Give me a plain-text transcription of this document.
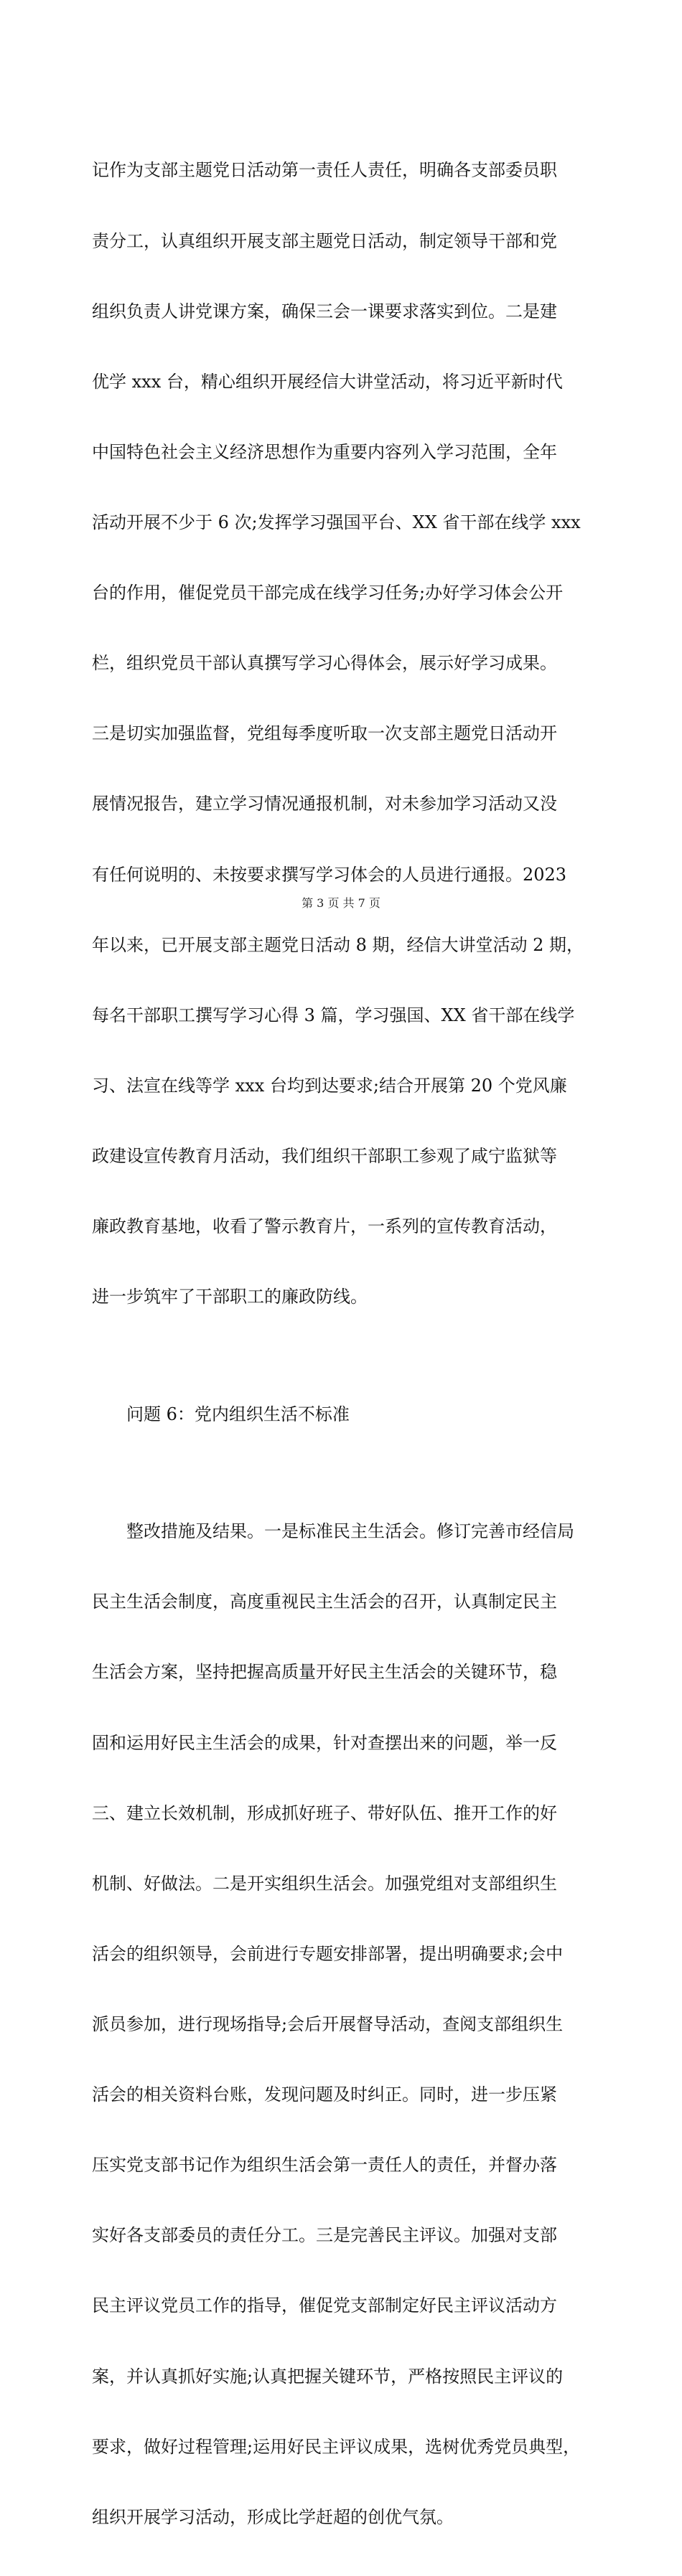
记作为支部主题党日活动第一责任人责任，明确各支部委员职

责分工，认真组织开展支部主题党日活动，制定领导干部和党

组织负责人讲党课方案，确保三会一课要求落实到位。二是建

优学 xxx 台，精心组织开展经信大讲堂活动，将习近平新时代

中国特色社会主义经济思想作为重要内容列入学习范围，全年

活动开展不少于 6 次;发挥学习强国平台、XX 省干部在线学 xxx

台的作用，催促党员干部完成在线学习任务;办好学习体会公开

栏，组织党员干部认真撰写学习心得体会，展示好学习成果。

三是切实加强监督，党组每季度听取一次支部主题党日活动开

展情况报告，建立学习情况通报机制，对未参加学习活动又没

有任何说明的、未按要求撰写学习体会的人员进行通报。2023

年以来，已开展支部主题党日活动 8 期，经信大讲堂活动 2 期，

每名干部职工撰写学习心得 3 篇，学习强国、XX 省干部在线学

习、法宣在线等学 xxx 台均到达要求;结合开展第 20 个党风廉

政建设宣传教育月活动，我们组织干部职工参观了咸宁监狱等

廉政教育基地，收看了警示教育片，一系列的宣传教育活动，

进一步筑牢了干部职工的廉政防线。

问题 6：党内组织生活不标准

整改措施及结果。一是标准民主生活会。修订完善市经信局

民主生活会制度，高度重视民主生活会的召开，认真制定民主

生活会方案，坚持把握高质量开好民主生活会的关键环节，稳

固和运用好民主生活会的成果，针对查摆出来的问题，举一反

三、建立长效机制，形成抓好班子、带好队伍、推开工作的好

机制、好做法。二是开实组织生活会。加强党组对支部组织生

活会的组织领导，会前进行专题安排部署，提出明确要求;会中

派员参加，进行现场指导;会后开展督导活动，查阅支部组织生

活会的相关资料台账，发现问题及时纠正。同时，进一步压紧

压实党支部书记作为组织生活会第一责任人的责任，并督办落

实好各支部委员的责任分工。三是完善民主评议。加强对支部

民主评议党员工作的指导，催促党支部制定好民主评议活动方

案，并认真抓好实施;认真把握关键环节，严格按照民主评议的

要求，做好过程管理;运用好民主评议成果，选树优秀党员典型，

组织开展学习活动，形成比学赶超的创优气氛。

第 3 页 共 7 页
